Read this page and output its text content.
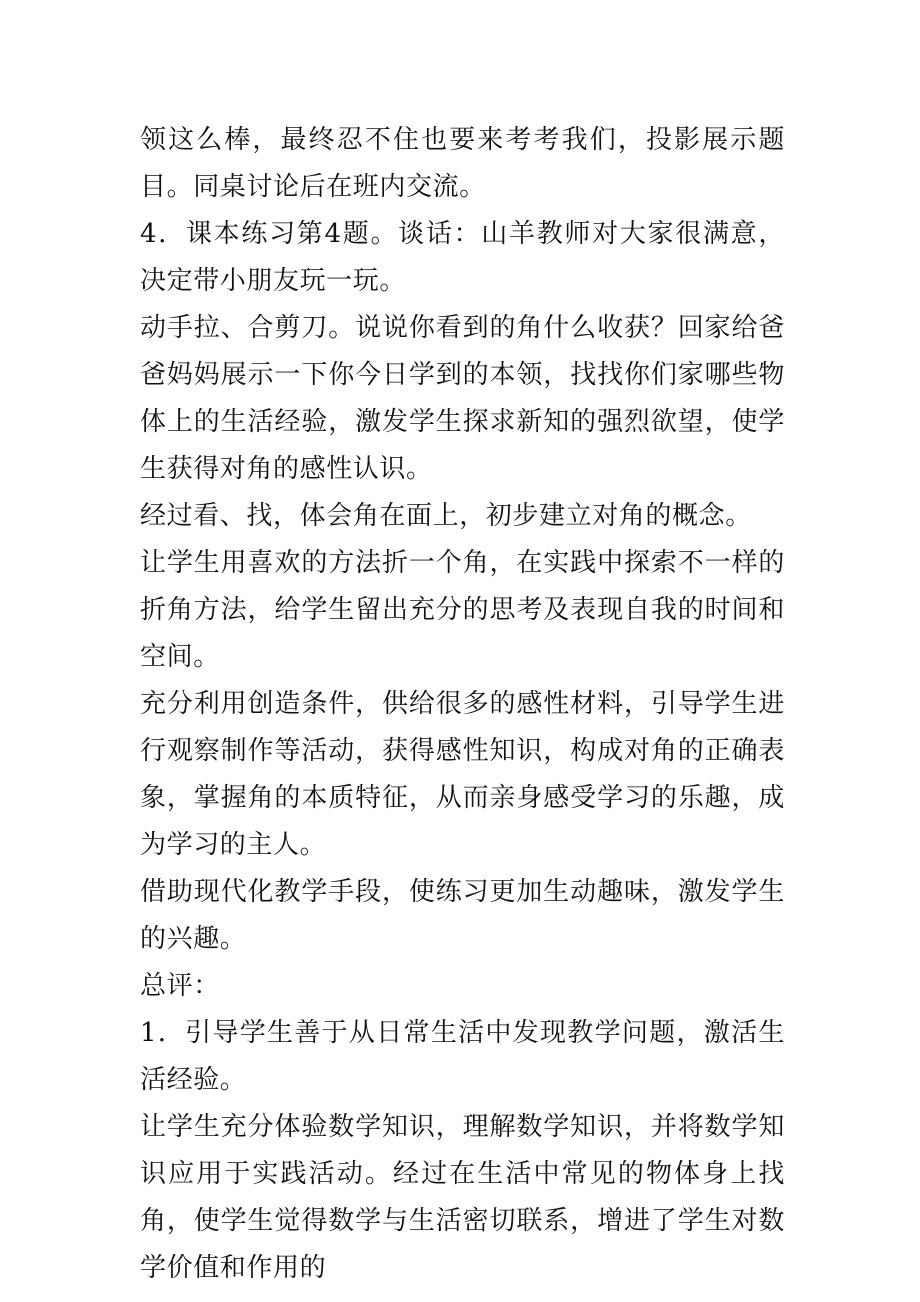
领这么棒，最终忍不住也要来考考我们，投影展示题目。同桌讨论后在班内交流。

4．课本练习第4题。谈话：山羊教师对大家很满意，决定带小朋友玩一玩。

动手拉、合剪刀。说说你看到的角什么收获？回家给爸爸妈妈展示一下你今日学到的本领，找找你们家哪些物体上的生活经验，激发学生探求新知的强烈欲望，使学生获得对角的感性认识。

经过看、找，体会角在面上，初步建立对角的概念。

让学生用喜欢的方法折一个角，在实践中探索不一样的折角方法，给学生留出充分的思考及表现自我的时间和空间。

充分利用创造条件，供给很多的感性材料，引导学生进行观察制作等活动，获得感性知识，构成对角的正确表象，掌握角的本质特征，从而亲身感受学习的乐趣，成为学习的主人。

借助现代化教学手段，使练习更加生动趣味，激发学生的兴趣。

总评：

1．引导学生善于从日常生活中发现教学问题，激活生活经验。

让学生充分体验数学知识，理解数学知识，并将数学知识应用于实践活动。经过在生活中常见的物体身上找角，使学生觉得数学与生活密切联系，增进了学生对数学价值和作用的
